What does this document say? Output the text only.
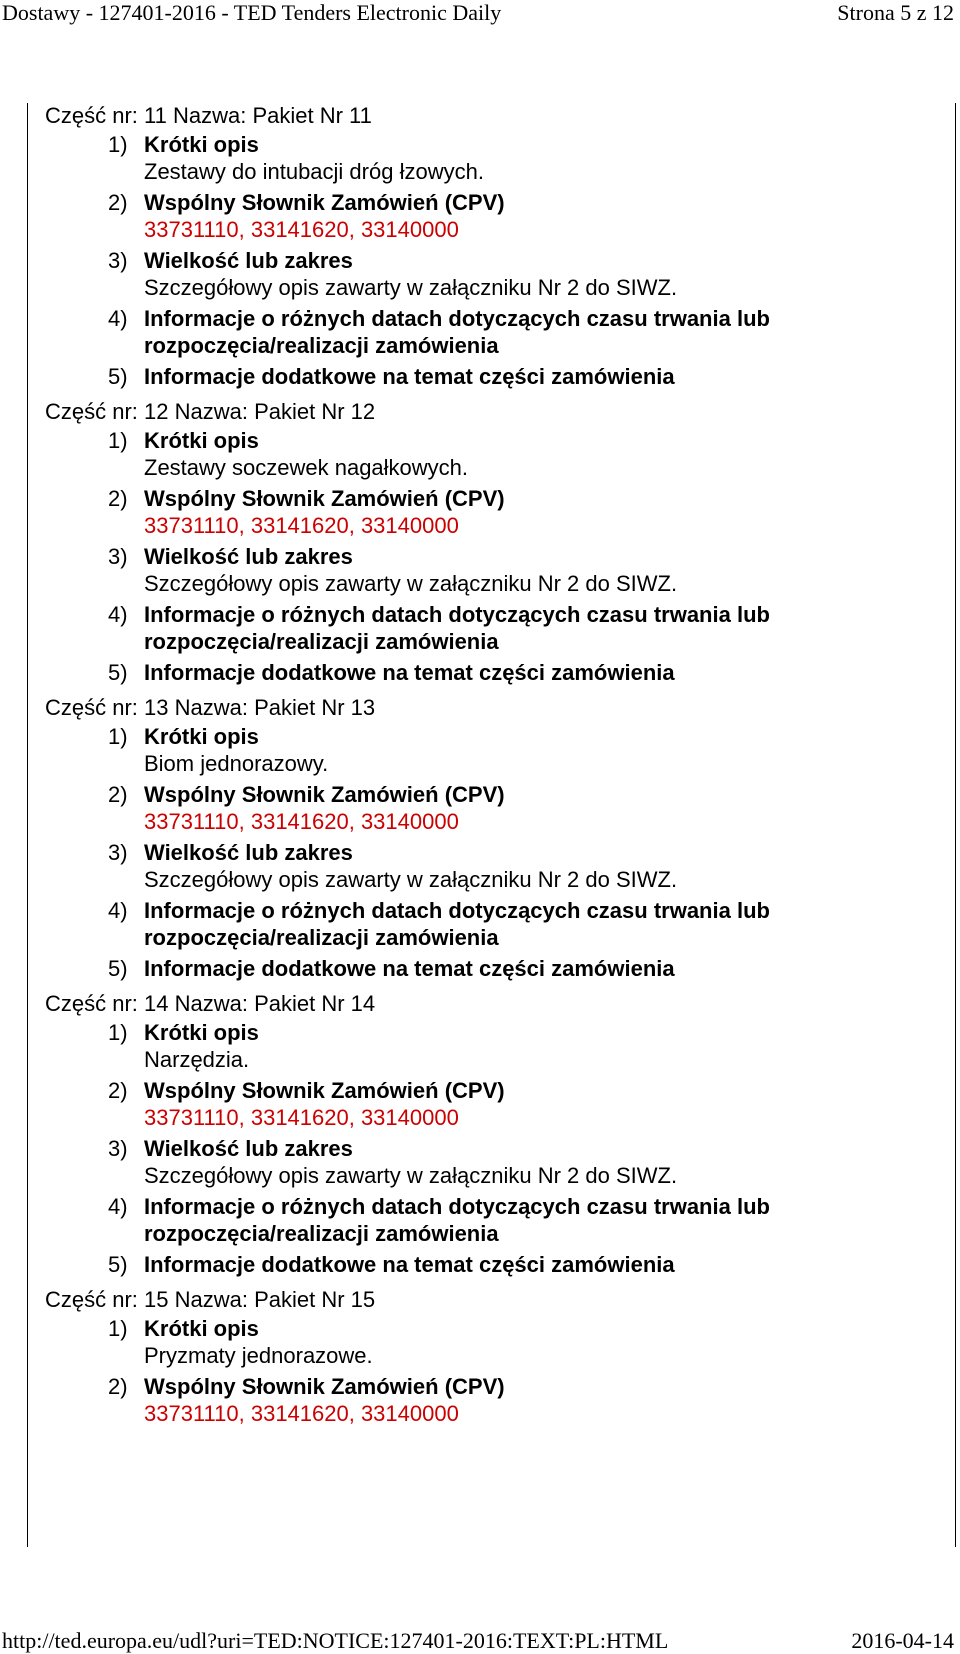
Dostawy - 127401-2016 - TED Tenders Electronic Daily	Strona 5 z 12
Część nr: 11 Nazwa: Pakiet Nr 11
1) Krótki opis
Zestawy do intubacji dróg łzowych.
2) Wspólny Słownik Zamówień (CPV)
33731110, 33141620, 33140000
3) Wielkość lub zakres
Szczegółowy opis zawarty w załączniku Nr 2 do SIWZ.
4) Informacje o różnych datach dotyczących czasu trwania lub rozpoczęcia/realizacji zamówienia
5) Informacje dodatkowe na temat części zamówienia
Część nr: 12 Nazwa: Pakiet Nr 12
1) Krótki opis
Zestawy soczewek nagałkowych.
2) Wspólny Słownik Zamówień (CPV)
33731110, 33141620, 33140000
3) Wielkość lub zakres
Szczegółowy opis zawarty w załączniku Nr 2 do SIWZ.
4) Informacje o różnych datach dotyczących czasu trwania lub rozpoczęcia/realizacji zamówienia
5) Informacje dodatkowe na temat części zamówienia
Część nr: 13 Nazwa: Pakiet Nr 13
1) Krótki opis
Biom jednorazowy.
2) Wspólny Słownik Zamówień (CPV)
33731110, 33141620, 33140000
3) Wielkość lub zakres
Szczegółowy opis zawarty w załączniku Nr 2 do SIWZ.
4) Informacje o różnych datach dotyczących czasu trwania lub rozpoczęcia/realizacji zamówienia
5) Informacje dodatkowe na temat części zamówienia
Część nr: 14 Nazwa: Pakiet Nr 14
1) Krótki opis
Narzędzia.
2) Wspólny Słownik Zamówień (CPV)
33731110, 33141620, 33140000
3) Wielkość lub zakres
Szczegółowy opis zawarty w załączniku Nr 2 do SIWZ.
4) Informacje o różnych datach dotyczących czasu trwania lub rozpoczęcia/realizacji zamówienia
5) Informacje dodatkowe na temat części zamówienia
Część nr: 15 Nazwa: Pakiet Nr 15
1) Krótki opis
Pryzmaty jednorazowe.
2) Wspólny Słownik Zamówień (CPV)
33731110, 33141620, 33140000
http://ted.europa.eu/udl?uri=TED:NOTICE:127401-2016:TEXT:PL:HTML	2016-04-14
